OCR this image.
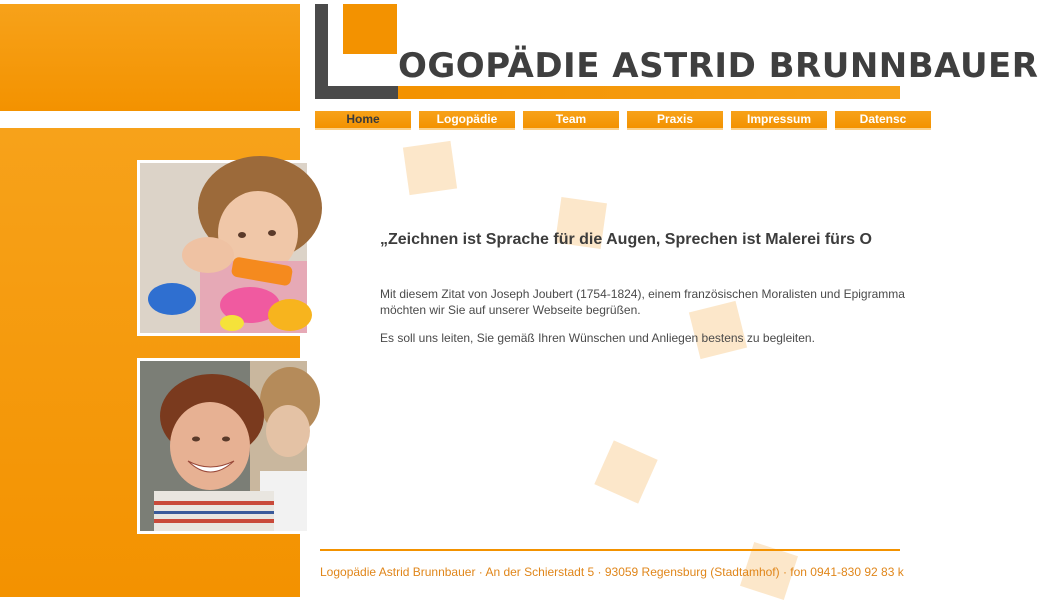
OGOPÄDIE ASTRID BRUNNBAUER
Home	Logopädie	Team	Praxis	Impressum	Datensc
„Zeichnen ist Sprache für die Augen, Sprechen ist Malerei fürs O
Mit diesem Zitat von Joseph Joubert (1754-1824), einem französischen Moralisten und Epigramma
möchten wir Sie auf unserer Webseite begrüßen.
Es soll uns leiten, Sie gemäß Ihren Wünschen und Anliegen bestens zu begleiten.
Logopädie Astrid Brunnbauer · An der Schierstadt 5 · 93059 Regensburg (Stadtamhof) · fon 0941-830 92 83 k
